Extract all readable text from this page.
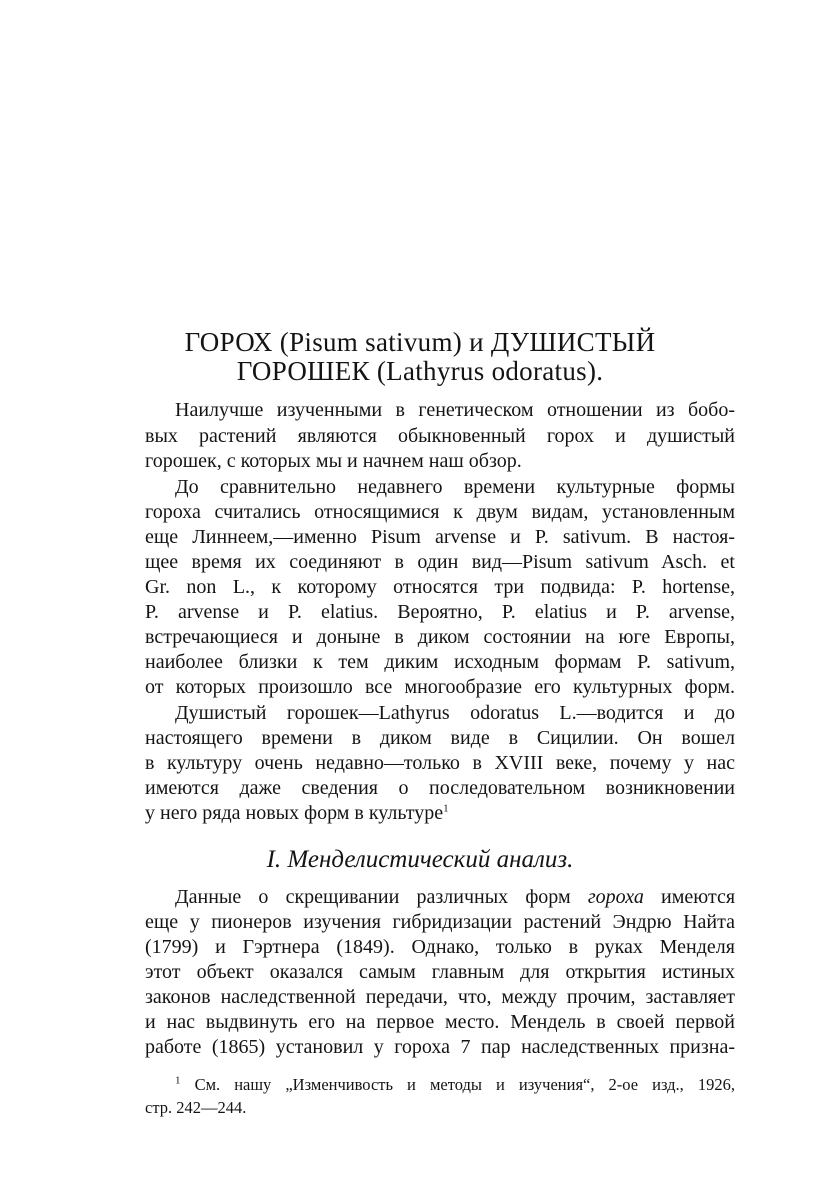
ГОРОХ (Pisum sativum) и ДУШИСТЫЙ
ГОРОШЕК (Lathyrus odoratus).
Наилучше изученными в генетическом отношении из бобо-
вых растений являются обыкновенный горох и душистый
горошек, с которых мы и начнем наш обзор.
До сравнительно недавнего времени культурные формы
гороха считались относящимися к двум видам, установленным
еще Линнеем,—именно Pisum arvense и P. sativum. В настоя-
щее время их соединяют в один вид—Pisum sativum Asch. et
Gr. non L., к которому относятся три подвида: P. hortense,
P. arvense и P. elatius. Вероятно, P. elatius и P. arvense,
встречающиеся и доныне в диком состоянии на юге Европы,
наиболее близки к тем диким исходным формам P. sativum,
от которых произошло все многообразие его культурных форм.
Душистый горошек—Lathyrus odoratus L.—водится и до
настоящего времени в диком виде в Сицилии. Он вошел
в культуру очень недавно—только в XVIII веке, почему у нас
имеются даже сведения о последовательном возникновении
у него ряда новых форм в культуре$^1$
I. Менделистический анализ.
Данные о скрещивании различных форм гороха имеются
еще у пионеров изучения гибридизации растений Эндрю Найта
(1799) и Гэртнера (1849). Однако, только в руках Менделя
этот объект оказался самым главным для открытия истиных
законов наследственной передачи, что, между прочим, заставляет
и нас выдвинуть его на первое место. Мендель в своей первой
работе (1865) установил у гороха 7 пар наследственных призна-
$^1$ См. нашу „Изменчивость и методы и изучения“, 2-ое изд., 1926,
стр. 242—244.
